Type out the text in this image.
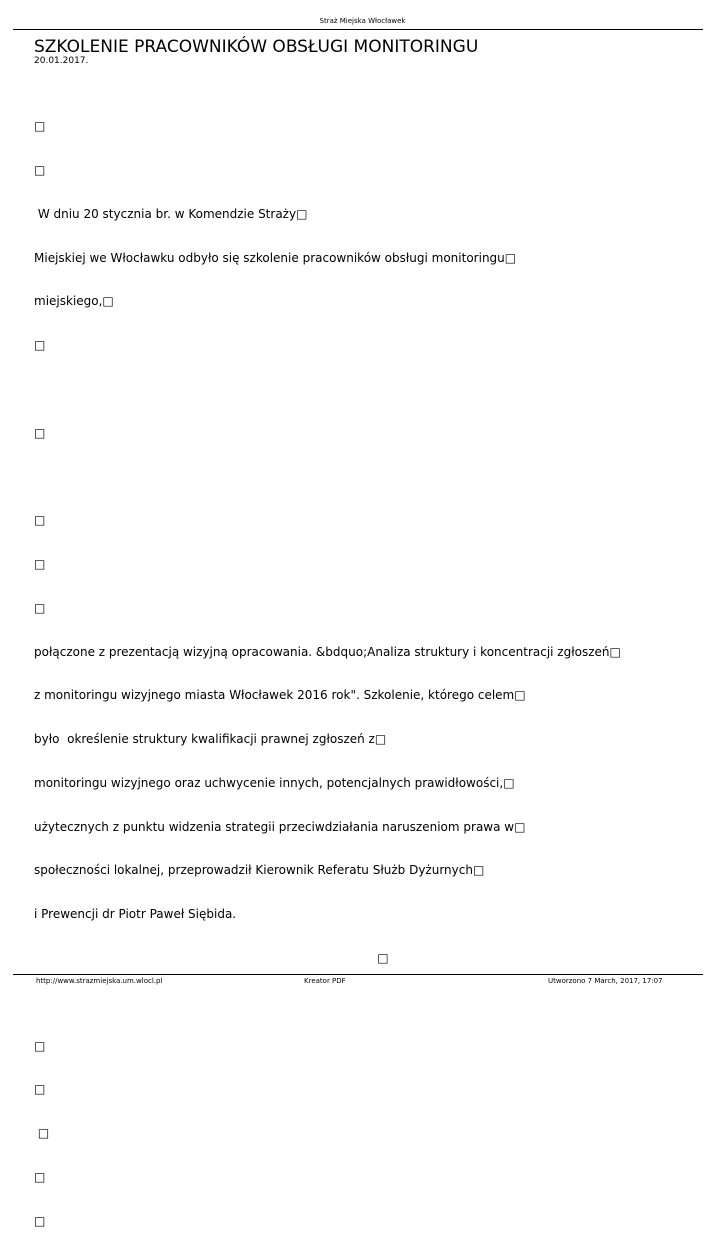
Straż Miejska Włocławek
SZKOLENIE PRACOWNIKÓW OBSŁUGI MONITORINGU
20.01.2017.

□

□

W dniu 20 stycznia br. w Komendzie Straży□

Miejskiej we Włocławku odbyło się szkolenie pracowników obsługi monitoringu□

miejskiego,□

□

□

□

□

□

połączone z prezentacją wizyjną opracowania. &bdquo;Analiza struktury i koncentracji zgłoszeń□

z monitoringu wizyjnego miasta Włocławek 2016 rok". Szkolenie, którego celem□

było  określenie struktury kwalifikacji prawnej zgłoszeń z□

monitoringu wizyjnego oraz uchwycenie innych, potencjalnych prawidłowości,□

użytecznych z punktu widzenia strategii przeciwdziałania naruszeniom prawa w□

społeczności lokalnej, przeprowadził Kierownik Referatu Służb Dyżurnych□

i Prewencji dr Piotr Paweł Siębida.

□

□

□

□

□

□

http://www.strazmiejska.um.wlocl.pl	Kreator PDF	Utworzono 7 March, 2017, 17:07
